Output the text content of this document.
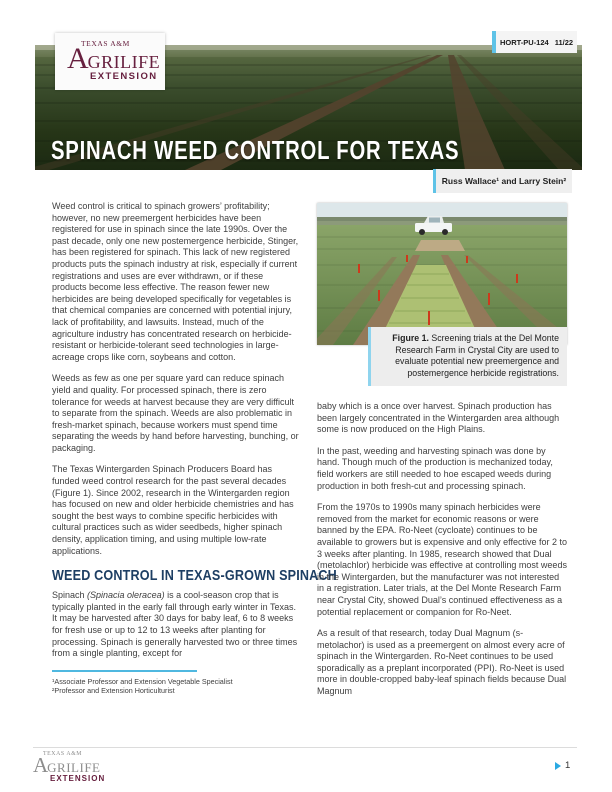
SPINACH WEED CONTROL FOR TEXAS
TEXAS A&M
A GRILIFE
EXTENSION
HORT-PU-124 11/22
Russ Wallace¹ and Larry Stein²

Weed control is critical to spinach growers’ profitability; however, no new preemergent herbicides have been registered for use in spinach since the late 1990s. Over the past decade, only one new postemergence herbicide, Stinger, has been registered for spinach. This lack of new registered products puts the spinach industry at risk, especially if current registrations and uses are ever withdrawn, or if these products become less effective. The reason fewer new herbicides are being developed specifically for vegetables is that chemical companies are concerned with potential injury, lack of profitability, and lawsuits. Instead, much of the agriculture industry has concentrated research on herbicide-resistant or herbicide-tolerant seed technologies in large-acreage crops like corn, soybeans and cotton.

Weeds as few as one per square yard can reduce spinach yield and quality. For processed spinach, there is zero tolerance for weeds at harvest because they are very difficult to separate from the spinach. Weeds are also problematic in fresh-market spinach, because workers must spend time separating the weeds by hand before harvesting, bunching, or packaging.

The Texas Wintergarden Spinach Producers Board has funded weed control research for the past several decades (Figure 1). Since 2002, research in the Wintergarden region has focused on new and older herbicide chemistries and has sought the best ways to combine specific herbicides with cultural practices such as wider seedbeds, higher spinach density, application timing, and using multiple low-rate applications.

WEED CONTROL IN TEXAS-GROWN SPINACH

Spinach (Spinacia oleracea) is a cool-season crop that is typically planted in the early fall through early winter in Texas. It may be harvested after 30 days for baby leaf, 6 to 8 weeks for fresh use or up to 12 to 13 weeks after planting for processing. Spinach is generally harvested two or three times from a single planting, except for

¹Associate Professor and Extension Vegetable Specialist
²Professor and Extension Horticulturist
Figure 1. Screening trials at the Del Monte Research Farm in Crystal City are used to evaluate potential new preemergence and postemergence herbicide registrations.

baby which is a once over harvest. Spinach production has been largely concentrated in the Wintergarden area although some is now produced on the High Plains.

In the past, weeding and harvesting spinach was done by hand. Though much of the production is mechanized today, field workers are still needed to hoe escaped weeds during production in both fresh-cut and processing spinach.

From the 1970s to 1990s many spinach herbicides were removed from the market for economic reasons or were banned by the EPA. Ro-Neet (cycloate) continues to be available to growers but is expensive and only effective for 2 to 3 weeks after planting. In 1985, research showed that Dual (metolachlor) herbicide was effective at controlling most weeds in the Wintergarden, but the manufacturer was not interested in a registration. Later trials, at the Del Monte Research Farm near Crystal City, showed Dual’s continued effectiveness as a potential replacement or companion for Ro-Neet.

As a result of that research, today Dual Magnum (s-metolachor) is used as a preemergent on almost every acre of spinach in the Wintergarden. Ro-Neet continues to be used sporadically as a preplant incorporated (PPI). Ro-Neet is used more in double-cropped baby-leaf spinach fields because Dual Magnum

TEXAS A&M
A GRILIFE
EXTENSION
1
